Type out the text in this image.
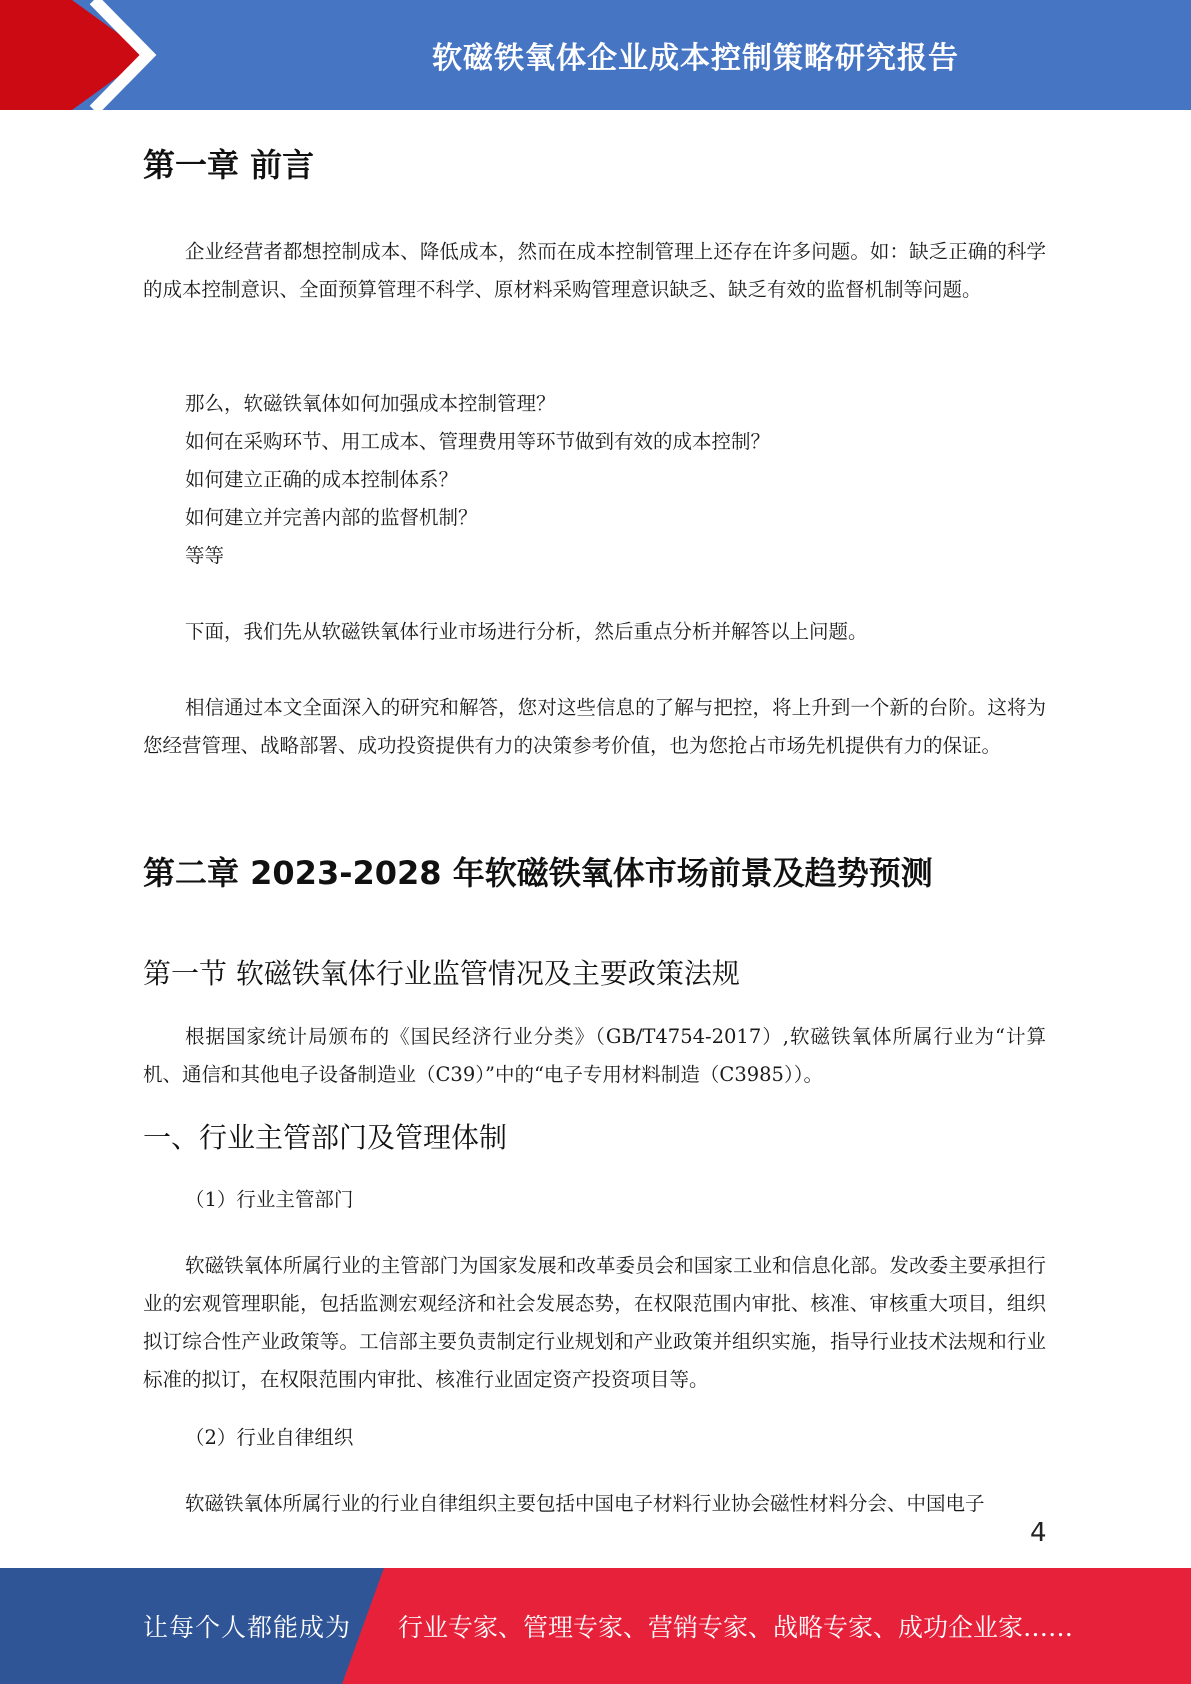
软磁铁氧体企业成本控制策略研究报告
第一章 前言

企业经营者都想控制成本、降低成本，然而在成本控制管理上还存在许多问题。如：缺乏正确的科学的成本控制意识、全面预算管理不科学、原材料采购管理意识缺乏、缺乏有效的监督机制等问题。

那么，软磁铁氧体如何加强成本控制管理？
如何在采购环节、用工成本、管理费用等环节做到有效的成本控制？
如何建立正确的成本控制体系？
如何建立并完善内部的监督机制？
等等

下面，我们先从软磁铁氧体行业市场进行分析，然后重点分析并解答以上问题。

相信通过本文全面深入的研究和解答，您对这些信息的了解与把控，将上升到一个新的台阶。这将为您经营管理、战略部署、成功投资提供有力的决策参考价值，也为您抢占市场先机提供有力的保证。

第二章 2023-2028 年软磁铁氧体市场前景及趋势预测
第一节 软磁铁氧体行业监管情况及主要政策法规

根据国家统计局颁布的《国民经济行业分类》（GB/T4754-2017）,软磁铁氧体所属行业为“计算机、通信和其他电子设备制造业（C39）”中的“电子专用材料制造（C3985））。

一、行业主管部门及管理体制
（1）行业主管部门

软磁铁氧体所属行业的主管部门为国家发展和改革委员会和国家工业和信息化部。发改委主要承担行业的宏观管理职能，包括监测宏观经济和社会发展态势，在权限范围内审批、核准、审核重大项目，组织拟订综合性产业政策等。工信部主要负责制定行业规划和产业政策并组织实施，指导行业技术法规和行业标准的拟订，在权限范围内审批、核准行业固定资产投资项目等。

（2）行业自律组织

软磁铁氧体所属行业的行业自律组织主要包括中国电子材料行业协会磁性材料分会、中国电子

4
让每个人都能成为 行业专家、管理专家、营销专家、战略专家、成功企业家……
